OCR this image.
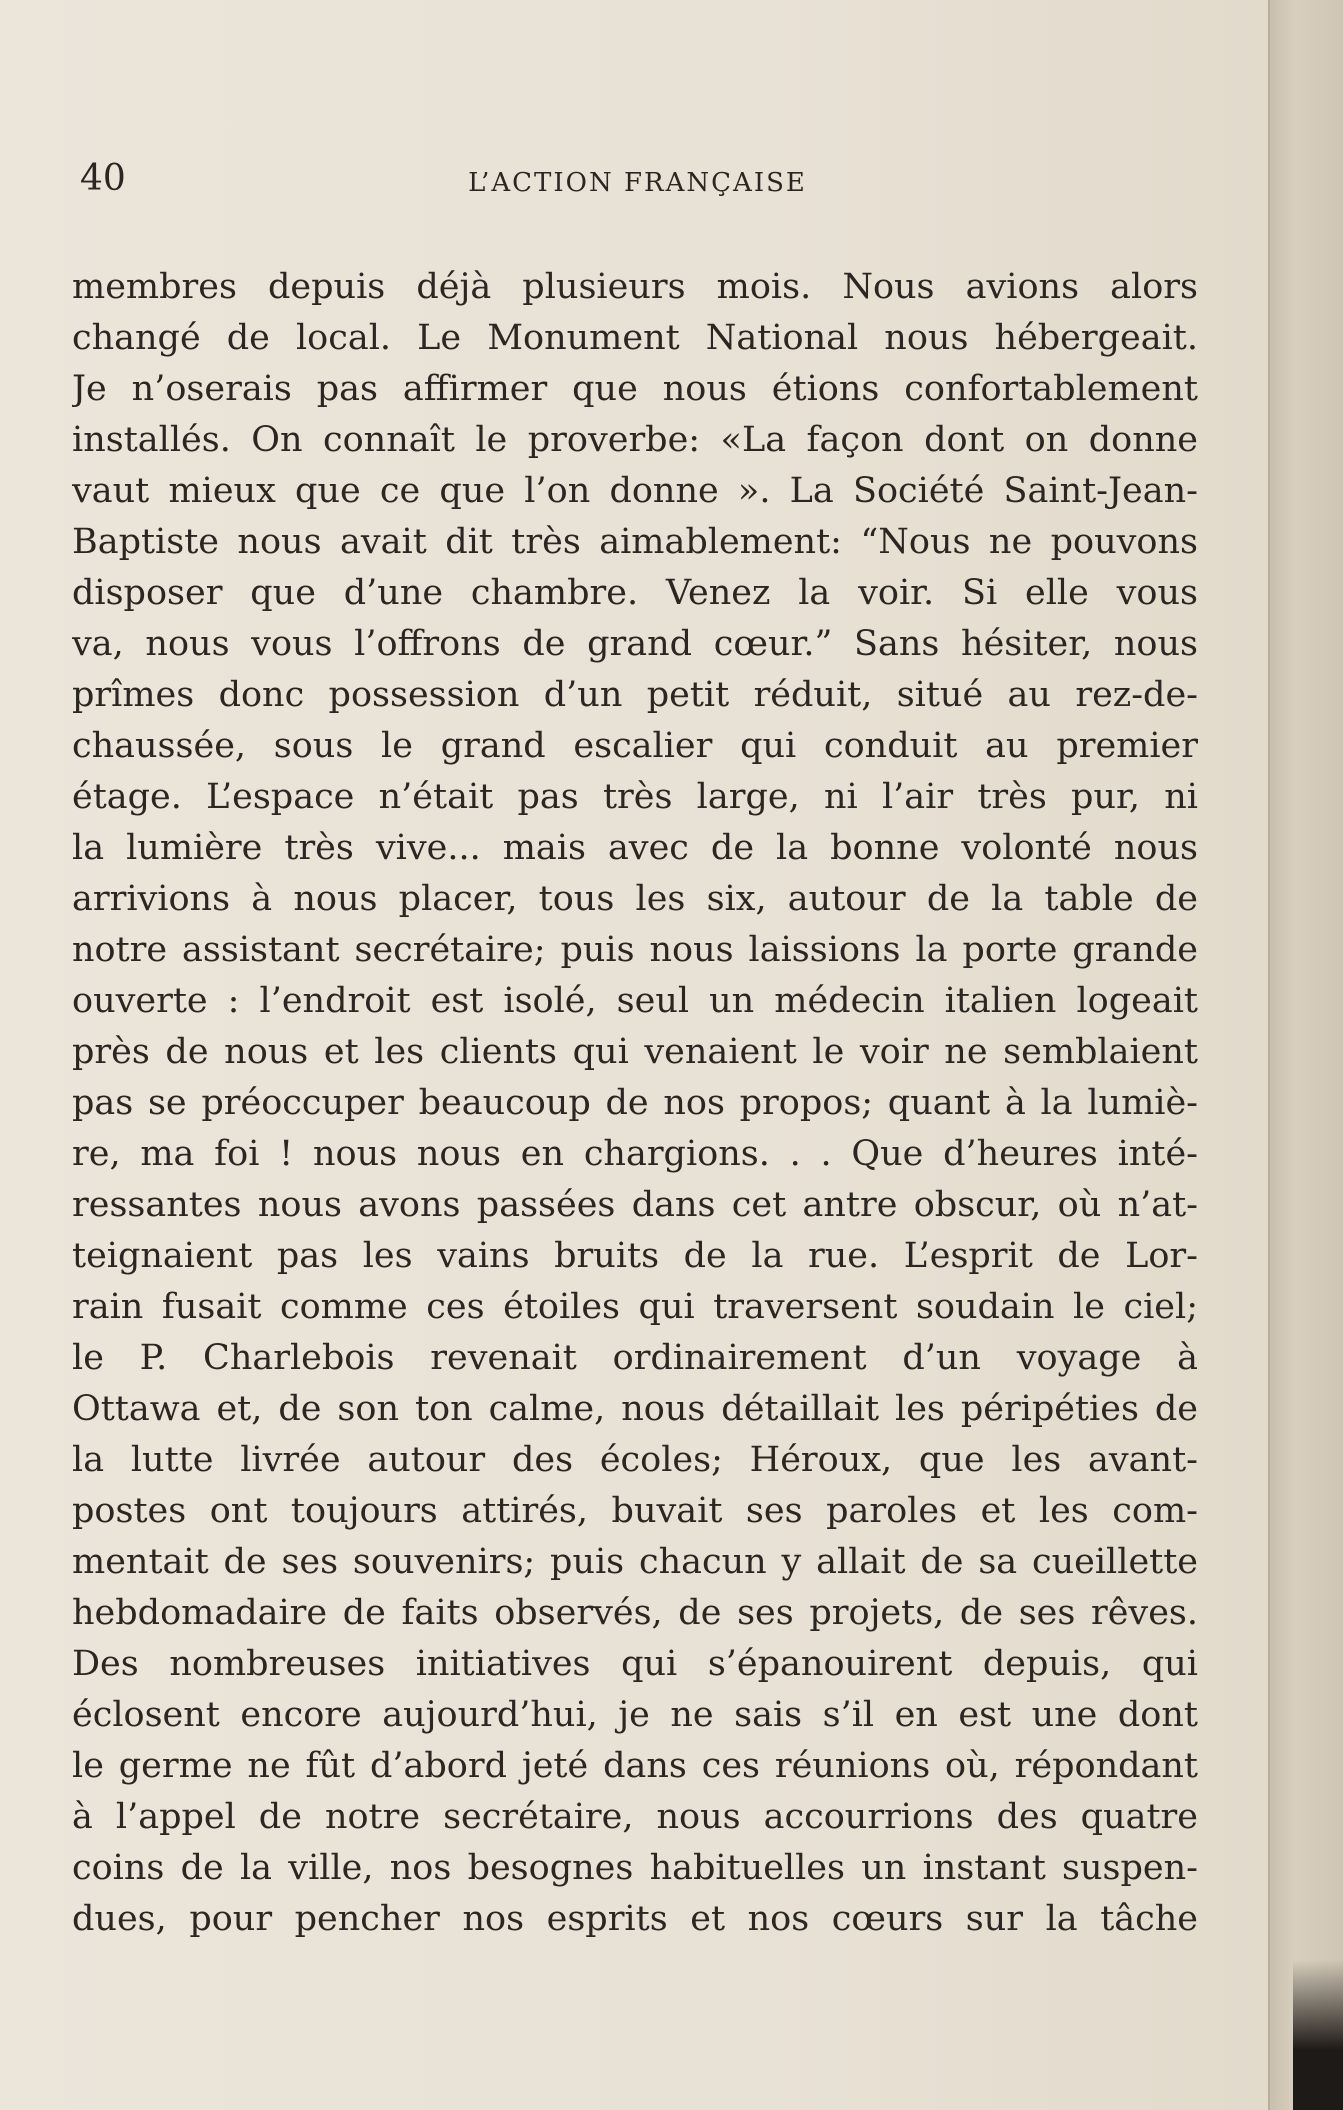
40	L’ACTION FRANÇAISE
membres depuis déjà plusieurs mois. Nous avions alors
changé de local. Le Monument National nous hébergeait.
Je n’oserais pas affirmer que nous étions confortablement
installés. On connaît le proverbe: «La façon dont on donne
vaut mieux que ce que l’on donne ». La Société Saint-Jean-
Baptiste nous avait dit très aimablement: “Nous ne pouvons
disposer que d’une chambre. Venez la voir. Si elle vous
va, nous vous l’offrons de grand cœur.” Sans hésiter, nous
prîmes donc possession d’un petit réduit, situé au rez-de-
chaussée, sous le grand escalier qui conduit au premier
étage. L’espace n’était pas très large, ni l’air très pur, ni
la lumière très vive... mais avec de la bonne volonté nous
arrivions à nous placer, tous les six, autour de la table de
notre assistant secrétaire; puis nous laissions la porte grande
ouverte : l’endroit est isolé, seul un médecin italien logeait
près de nous et les clients qui venaient le voir ne semblaient
pas se préoccuper beaucoup de nos propos; quant à la lumiè-
re, ma foi ! nous nous en chargions. . . Que d’heures inté-
ressantes nous avons passées dans cet antre obscur, où n’at-
teignaient pas les vains bruits de la rue. L’esprit de Lor-
rain fusait comme ces étoiles qui traversent soudain le ciel;
le P. Charlebois revenait ordinairement d’un voyage à
Ottawa et, de son ton calme, nous détaillait les péripéties de
la lutte livrée autour des écoles; Héroux, que les avant-
postes ont toujours attirés, buvait ses paroles et les com-
mentait de ses souvenirs; puis chacun y allait de sa cueillette
hebdomadaire de faits observés, de ses projets, de ses rêves.
Des nombreuses initiatives qui s’épanouirent depuis, qui
éclosent encore aujourd’hui, je ne sais s’il en est une dont
le germe ne fût d’abord jeté dans ces réunions où, répondant
à l’appel de notre secrétaire, nous accourrions des quatre
coins de la ville, nos besognes habituelles un instant suspen-
dues, pour pencher nos esprits et nos cœurs sur la tâche
